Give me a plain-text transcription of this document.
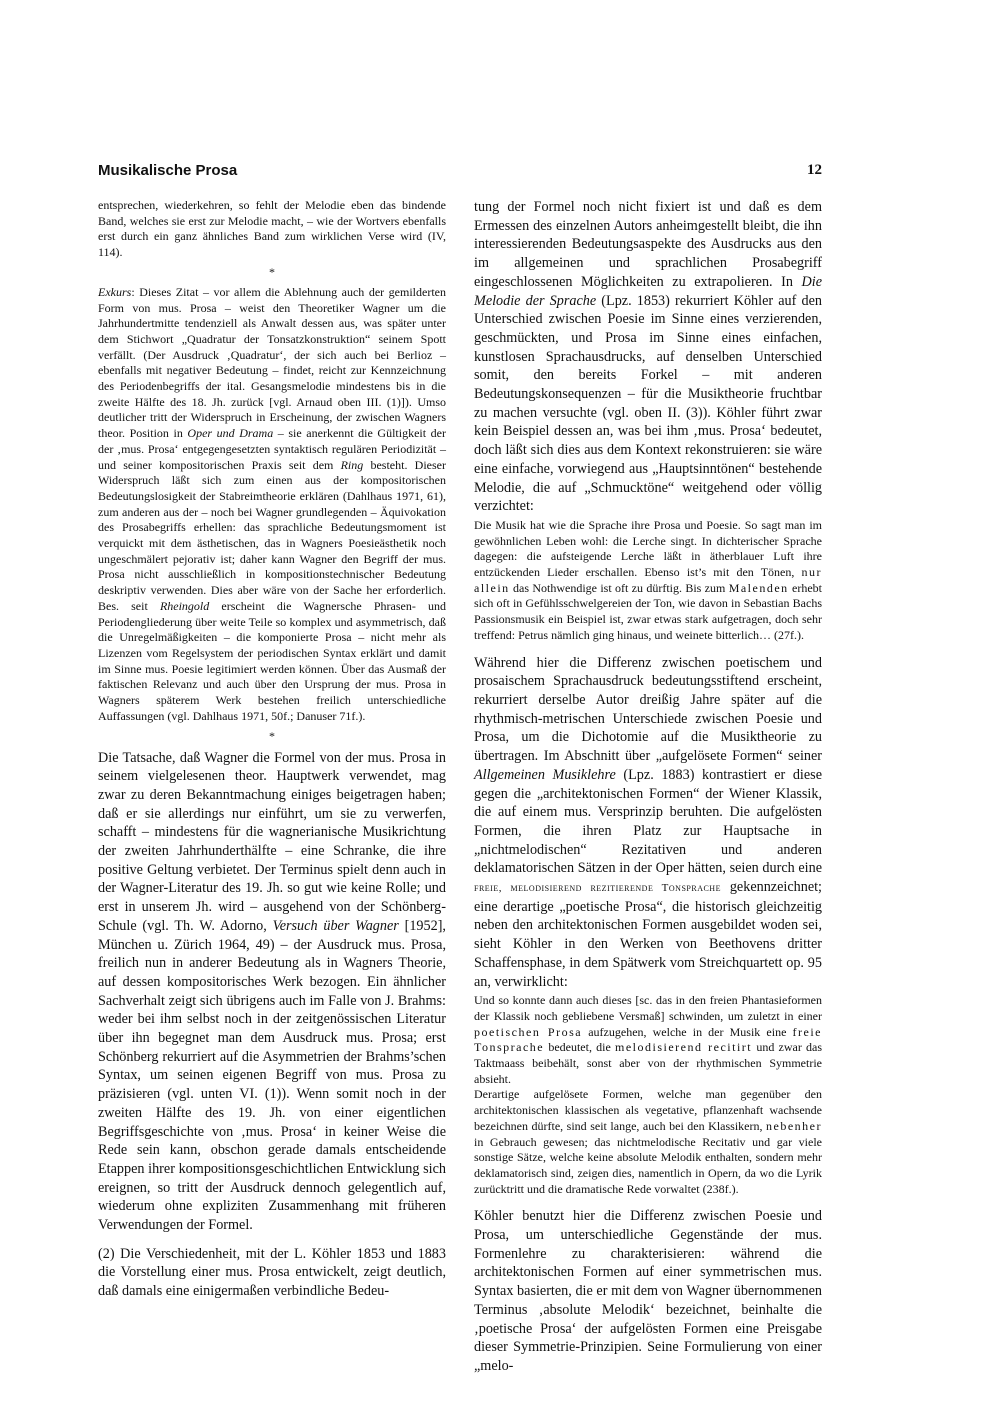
Musikalische Prosa	12

entsprechen, wiederkehren, so fehlt der Melodie eben das bindende Band, welches sie erst zur Melodie macht, – wie der Wortvers ebenfalls erst durch ein ganz ähnliches Band zum wirklichen Verse wird (IV, 114).

*

Exkurs: Dieses Zitat – vor allem die Ablehnung auch der gemilderten Form von mus. Prosa – weist den Theoretiker Wagner um die Jahrhundertmitte tendenziell als Anwalt dessen aus, was später unter dem Stichwort „Quadratur der Tonsatzkonstruktion“ seinem Spott verfällt. (Der Ausdruck ‚Quadratur‘, der sich auch bei Berlioz – ebenfalls mit negativer Bedeutung – findet, reicht zur Kennzeichnung des Periodenbegriffs der ital. Gesangsmelodie mindestens bis in die zweite Hälfte des 18. Jh. zurück [vgl. Arnaud oben III. (1)]). Umso deutlicher tritt der Widerspruch in Erscheinung, der zwischen Wagners theor. Position in Oper und Drama – sie anerkennt die Gültigkeit der der ‚mus. Prosa‘ entgegengesetzten syntaktisch regulären Periodizität – und seiner kompositorischen Praxis seit dem Ring besteht. Dieser Widerspruch läßt sich zum einen aus der kompositorischen Bedeutungslosigkeit der Stabreimtheorie erklären (Dahlhaus 1971, 61), zum anderen aus der – noch bei Wagner grundlegenden – Äquivokation des Prosabegriffs erhellen: das sprachliche Bedeutungsmoment ist verquickt mit dem ästhetischen, das in Wagners Poesieästhetik noch ungeschmälert pejorativ ist; daher kann Wagner den Begriff der mus. Prosa nicht ausschließlich in kompositionstechnischer Bedeutung deskriptiv verwenden. Dies aber wäre von der Sache her erforderlich. Bes. seit Rheingold erscheint die Wagnersche Phrasen- und Periodengliederung über weite Teile so komplex und asymmetrisch, daß die Unregelmäßigkeiten – die komponierte Prosa – nicht mehr als Lizenzen vom Regelsystem der periodischen Syntax erklärt und damit im Sinne mus. Poesie legitimiert werden können. Über das Ausmaß der faktischen Relevanz und auch über den Ursprung der mus. Prosa in Wagners späterem Werk bestehen freilich unterschiedliche Auffassungen (vgl. Dahlhaus 1971, 50f.; Danuser 71f.).

*

Die Tatsache, daß Wagner die Formel von der mus. Prosa in seinem vielgelesenen theor. Hauptwerk verwendet, mag zwar zu deren Bekanntmachung einiges beigetragen haben; daß er sie allerdings nur einführt, um sie zu verwerfen, schafft – mindestens für die wagnerianische Musikrichtung der zweiten Jahrhunderthälfte – eine Schranke, die ihre positive Geltung verbietet. Der Terminus spielt denn auch in der Wagner-Literatur des 19. Jh. so gut wie keine Rolle; und erst in unserem Jh. wird – ausgehend von der Schönberg-Schule (vgl. Th. W. Adorno, Versuch über Wagner [1952], München u. Zürich 1964, 49) – der Ausdruck mus. Prosa, freilich nun in anderer Bedeutung als in Wagners Theorie, auf dessen kompositorisches Werk bezogen. Ein ähnlicher Sachverhalt zeigt sich übrigens auch im Falle von J. Brahms: weder bei ihm selbst noch in der zeitgenössischen Literatur über ihn begegnet man dem Ausdruck mus. Prosa; erst Schönberg rekurriert auf die Asymmetrien der Brahms’schen Syntax, um seinen eigenen Begriff von mus. Prosa zu präzisieren (vgl. unten VI. (1)). Wenn somit noch in der zweiten Hälfte des 19. Jh. von einer eigentlichen Begriffsgeschichte von ‚mus. Prosa‘ in keiner Weise die Rede sein kann, obschon gerade damals entscheidende Etappen ihrer kompositionsgeschichtlichen Entwicklung sich ereignen, so tritt der Ausdruck dennoch gelegentlich auf, wiederum ohne expliziten Zusammenhang mit früheren Verwendungen der Formel.

(2) Die Verschiedenheit, mit der L. Köhler 1853 und 1883 die Vorstellung einer mus. Prosa entwickelt, zeigt deutlich, daß damals eine einigermaßen verbindliche Bedeu-

tung der Formel noch nicht fixiert ist und daß es dem Ermessen des einzelnen Autors anheimgestellt bleibt, die ihn interessierenden Bedeutungsaspekte des Ausdrucks aus den im allgemeinen und sprachlichen Prosabegriff eingeschlossenen Möglichkeiten zu extrapolieren. In Die Melodie der Sprache (Lpz. 1853) rekurriert Köhler auf den Unterschied zwischen Poesie im Sinne eines verzierenden, geschmückten, und Prosa im Sinne eines einfachen, kunstlosen Sprachausdrucks, auf denselben Unterschied somit, den bereits Forkel – mit anderen Bedeutungskonsequenzen – für die Musiktheorie fruchtbar zu machen versuchte (vgl. oben II. (3)). Köhler führt zwar kein Beispiel dessen an, was bei ihm ‚mus. Prosa‘ bedeutet, doch läßt sich dies aus dem Kontext rekonstruieren: sie wäre eine einfache, vorwiegend aus „Hauptsinntönen“ bestehende Melodie, die auf „Schmucktöne“ weitgehend oder völlig verzichtet:

Die Musik hat wie die Sprache ihre Prosa und Poesie. So sagt man im gewöhnlichen Leben wohl: die Lerche singt. In dichterischer Sprache dagegen: die aufsteigende Lerche läßt in ätherblauer Luft ihre entzückenden Lieder erschallen. Ebenso ist’s mit den Tönen, nur allein das Nothwendige ist oft zu dürftig. Bis zum Malenden erhebt sich oft in Gefühlsschwelgereien der Ton, wie davon in Sebastian Bachs Passionsmusik ein Beispiel ist, zwar etwas stark aufgetragen, doch sehr treffend: Petrus nämlich ging hinaus, und weinete bitterlich… (27f.).

Während hier die Differenz zwischen poetischem und prosaischem Sprachausdruck bedeutungsstiftend erscheint, rekurriert derselbe Autor dreißig Jahre später auf die rhythmisch-metrischen Unterschiede zwischen Poesie und Prosa, um die Dichotomie auf die Musiktheorie zu übertragen. Im Abschnitt über „aufgelösete Formen“ seiner Allgemeinen Musiklehre (Lpz. 1883) kontrastiert er diese gegen die „architektonischen Formen“ der Wiener Klassik, die auf einem mus. Versprinzip beruhten. Die aufgelösten Formen, die ihren Platz zur Hauptsache in „nichtmelodischen“ Rezitativen und anderen deklamatorischen Sätzen in der Oper hätten, seien durch eine freie, melodisierend rezitierende Tonsprache gekennzeichnet; eine derartige „poetische Prosa“, die historisch gleichzeitig neben den architektonischen Formen ausgebildet woden sei, sieht Köhler in den Werken von Beethovens dritter Schaffensphase, in dem Spätwerk vom Streichquartett op. 95 an, verwirklicht:

Und so konnte dann auch dieses [sc. das in den freien Phantasieformen der Klassik noch gebliebene Versmaß] schwinden, um zuletzt in einer poetischen Prosa aufzugehen, welche in der Musik eine freie Tonsprache bedeutet, die melodisierend recitirt und zwar das Taktmaass beibehält, sonst aber von der rhythmischen Symmetrie absieht.

Derartige aufgelösete Formen, welche man gegenüber den architektonischen klassischen als vegetative, pflanzenhaft wachsende bezeichnen dürfte, sind seit lange, auch bei den Klassikern, nebenher in Gebrauch gewesen; das nichtmelodische Recitativ und gar viele sonstige Sätze, welche keine absolute Melodik enthalten, sondern mehr deklamatorisch sind, zeigen dies, namentlich in Opern, da wo die Lyrik zurücktritt und die dramatische Rede vorwaltet (238f.).

Köhler benutzt hier die Differenz zwischen Poesie und Prosa, um unterschiedliche Gegenstände der mus. Formenlehre zu charakterisieren: während die architektonischen Formen auf einer symmetrischen mus. Syntax basierten, die er mit dem von Wagner übernommenen Terminus ‚absolute Melodik‘ bezeichnet, beinhalte die ‚poetische Prosa‘ der aufgelösten Formen eine Preisgabe dieser Symmetrie-Prinzipien. Seine Formulierung von einer „melo-
